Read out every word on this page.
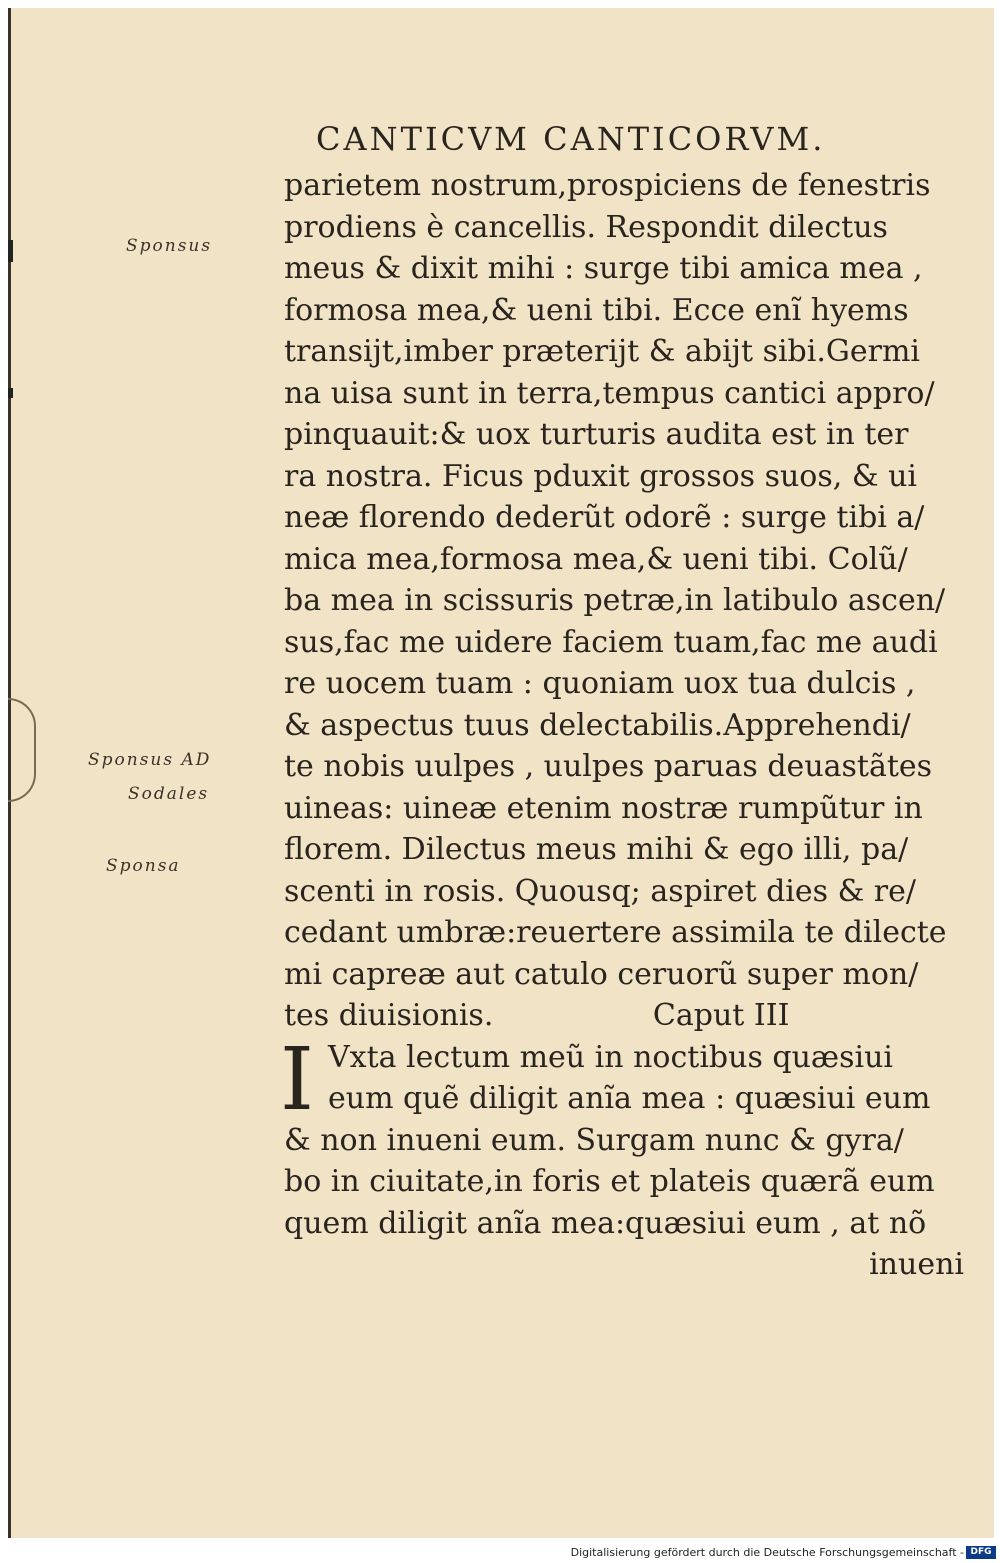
CANTICVM CANTICORVM.
Sponsus
Sponsus AD
Sodales
Sponsa
parietem nostrum,prospiciens de fenestris
prodiens è cancellis. Respondit dilectus
meus & dixit mihi : surge tibi amica mea ,
formosa mea,& ueni tibi. Ecce enĩ hyems
transijt,imber præterijt & abijt sibi.Germi
na uisa sunt in terra,tempus cantici appro/
pinquauit:& uox turturis audita est in ter
ra nostra. Ficus pduxit grossos suos, & ui
neæ florendo dederũt odorẽ : surge tibi a/
mica mea,formosa mea,& ueni tibi. Colũ/
ba mea in scissuris petræ,in latibulo ascen/
sus,fac me uidere faciem tuam,fac me audi
re uocem tuam : quoniam uox tua dulcis ,
& aspectus tuus delectabilis.Apprehendi/
te nobis uulpes , uulpes paruas deuastãtes
uineas: uineæ etenim nostræ rumpũtur in
florem. Dilectus meus mihi & ego illi, pa/
scenti in rosis. Quousq; aspiret dies & re/
cedant umbræ:reuertere assimila te dilecte
mi capreæ aut catulo ceruorũ super mon/
tes diuisionis.	Caput III
I Vxta lectum meũ in noctibus quæsiui
eum quẽ diligit anĩa mea : quæsiui eum
& non inueni eum. Surgam nunc & gyra/
bo in ciuitate,in foris et plateis quærã eum
quem diligit anĩa mea:quæsiui eum , at nõ
inueni
Digitalisierung gefördert durch die Deutsche Forschungsgemeinschaft - DFG
